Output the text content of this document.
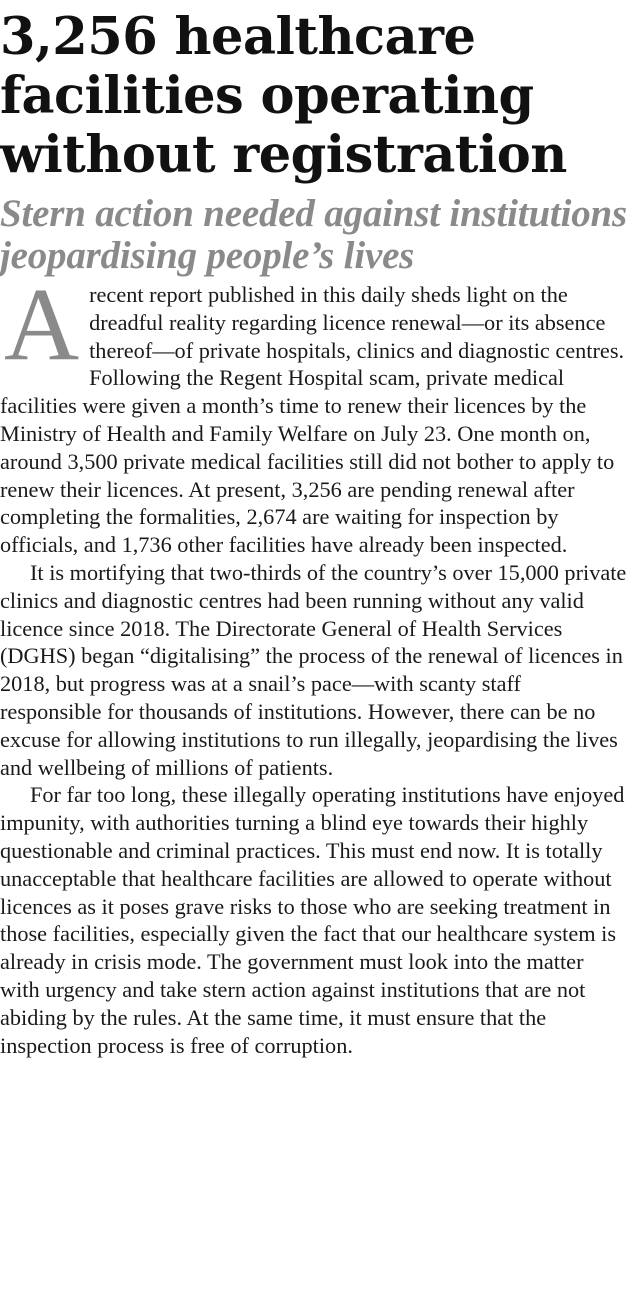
3,256 healthcare facilities operating without registration
Stern action needed against institutions jeopardising people’s lives

A recent report published in this daily sheds light on the dreadful reality regarding licence renewal—or its absence thereof—of private hospitals, clinics and diagnostic centres. Following the Regent Hospital scam, private medical facilities were given a month’s time to renew their licences by the Ministry of Health and Family Welfare on July 23. One month on, around 3,500 private medical facilities still did not bother to apply to renew their licences. At present, 3,256 are pending renewal after completing the formalities, 2,674 are waiting for inspection by officials, and 1,736 other facilities have already been inspected.

It is mortifying that two-thirds of the country’s over 15,000 private clinics and diagnostic centres had been running without any valid licence since 2018. The Directorate General of Health Services (DGHS) began “digitalising” the process of the renewal of licences in 2018, but progress was at a snail’s pace—with scanty staff responsible for thousands of institutions. However, there can be no excuse for allowing institutions to run illegally, jeopardising the lives and wellbeing of millions of patients.

For far too long, these illegally operating institutions have enjoyed impunity, with authorities turning a blind eye towards their highly questionable and criminal practices. This must end now. It is totally unacceptable that healthcare facilities are allowed to operate without licences as it poses grave risks to those who are seeking treatment in those facilities, especially given the fact that our healthcare system is already in crisis mode. The government must look into the matter with urgency and take stern action against institutions that are not abiding by the rules. At the same time, it must ensure that the inspection process is free of corruption.
